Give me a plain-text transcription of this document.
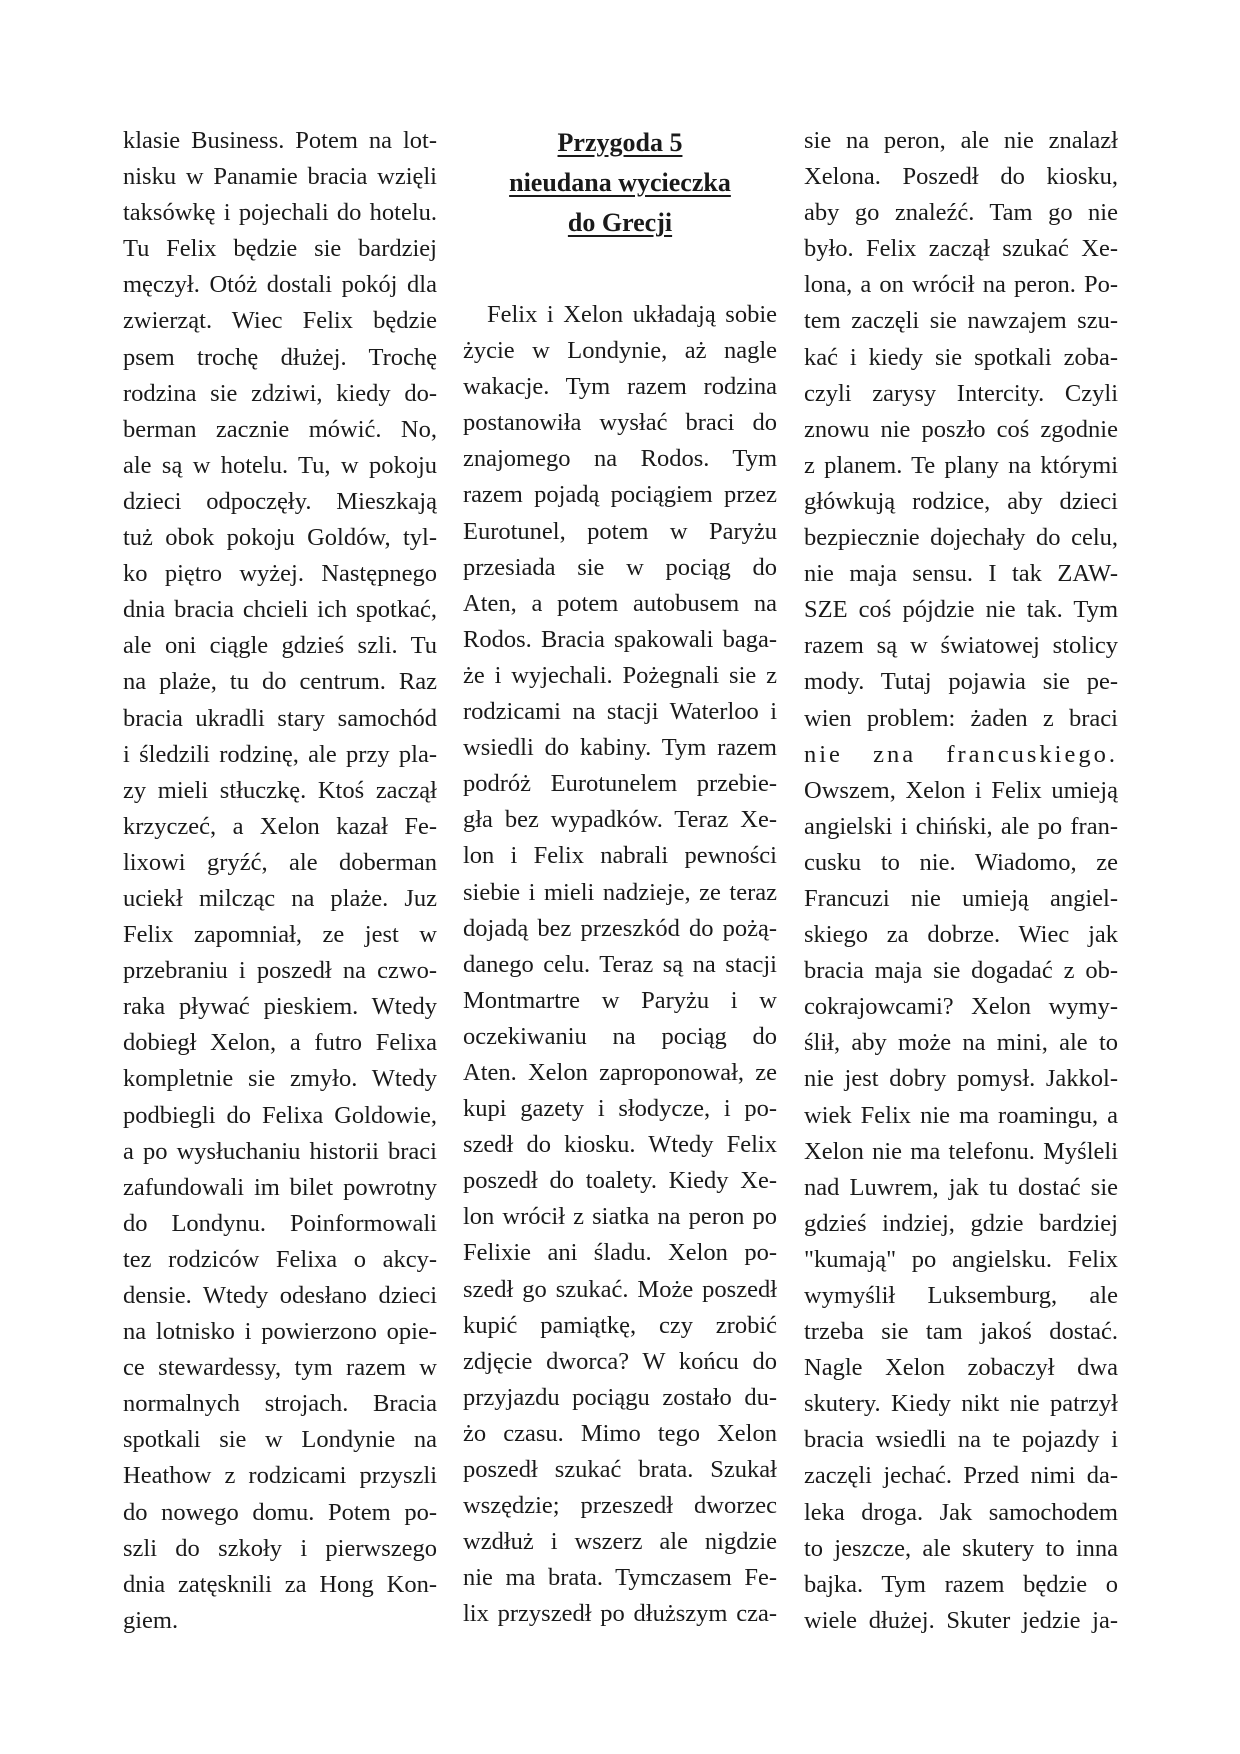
klasie Business. Potem na lot-
nisku w Panamie bracia wzięli
taksówkę i pojechali do hotelu.
Tu Felix będzie sie bardziej
męczył. Otóż dostali pokój dla
zwierząt. Wiec Felix będzie
psem trochę dłużej. Trochę
rodzina sie zdziwi, kiedy do-
berman zacznie mówić. No,
ale są w hotelu. Tu, w pokoju
dzieci odpoczęły. Mieszkają
tuż obok pokoju Goldów, tyl-
ko piętro wyżej. Następnego
dnia bracia chcieli ich spotkać,
ale oni ciągle gdzieś szli. Tu
na plaże, tu do centrum. Raz
bracia ukradli stary samochód
i śledzili rodzinę, ale przy pla-
zy mieli stłuczkę. Ktoś zaczął
krzyczeć, a Xelon kazał Fe-
lixowi gryźć, ale doberman
uciekł milcząc na plaże. Juz
Felix zapomniał, ze jest w
przebraniu i poszedł na czwo-
raka pływać pieskiem. Wtedy
dobiegł Xelon, a futro Felixa
kompletnie sie zmyło. Wtedy
podbiegli do Felixa Goldowie,
a po wysłuchaniu historii braci
zafundowali im bilet powrotny
do Londynu. Poinformowali
tez rodziców Felixa o akcy-
densie. Wtedy odesłano dzieci
na lotnisko i powierzono opie-
ce stewardessy, tym razem w
normalnych strojach. Bracia
spotkali sie w Londynie na
Heathow z rodzicami przyszli
do nowego domu. Potem po-
szli do szkoły i pierwszego
dnia zatęsknili za Hong Kon-
giem.
Przygoda 5
nieudana wycieczka
do Grecji
Felix i Xelon układają sobie
życie w Londynie, aż nagle
wakacje. Tym razem rodzina
postanowiła wysłać braci do
znajomego na Rodos. Tym
razem pojadą pociągiem przez
Eurotunel, potem w Paryżu
przesiada sie w pociąg do
Aten, a potem autobusem na
Rodos. Bracia spakowali baga-
że i wyjechali. Pożegnali sie z
rodzicami na stacji Waterloo i
wsiedli do kabiny. Tym razem
podróż Eurotunelem przebie-
gła bez wypadków. Teraz Xe-
lon i Felix nabrali pewności
siebie i mieli nadzieje, ze teraz
dojadą bez przeszkód do pożą-
danego celu. Teraz są na stacji
Montmartre w Paryżu i w
oczekiwaniu na pociąg do
Aten. Xelon zaproponował, ze
kupi gazety i słodycze, i po-
szedł do kiosku. Wtedy Felix
poszedł do toalety. Kiedy Xe-
lon wrócił z siatka na peron po
Felixie ani śladu. Xelon po-
szedł go szukać. Może poszedł
kupić pamiątkę, czy zrobić
zdjęcie dworca? W końcu do
przyjazdu pociągu zostało du-
żo czasu. Mimo tego Xelon
poszedł szukać brata. Szukał
wszędzie; przeszedł dworzec
wzdłuż i wszerz ale nigdzie
nie ma brata. Tymczasem Fe-
lix przyszedł po dłuższym cza-
sie na peron, ale nie znalazł
Xelona. Poszedł do kiosku,
aby go znaleźć. Tam go nie
było. Felix zaczął szukać Xe-
lona, a on wrócił na peron. Po-
tem zaczęli sie nawzajem szu-
kać i kiedy sie spotkali zoba-
czyli zarysy Intercity. Czyli
znowu nie poszło coś zgodnie
z planem. Te plany na którymi
główkują rodzice, aby dzieci
bezpiecznie dojechały do celu,
nie maja sensu. I tak ZAW-
SZE coś pójdzie nie tak. Tym
razem są w światowej stolicy
mody. Tutaj pojawia sie pe-
wien problem: żaden z braci
nie zna francuskiego.
Owszem, Xelon i Felix umieją
angielski i chiński, ale po fran-
cusku to nie. Wiadomo, ze
Francuzi nie umieją angiel-
skiego za dobrze. Wiec jak
bracia maja sie dogadać z ob-
cokrajowcami? Xelon wymy-
ślił, aby może na mini, ale to
nie jest dobry pomysł. Jakkol-
wiek Felix nie ma roamingu, a
Xelon nie ma telefonu. Myśleli
nad Luwrem, jak tu dostać sie
gdzieś indziej, gdzie bardziej
"kumają" po angielsku. Felix
wymyślił Luksemburg, ale
trzeba sie tam jakoś dostać.
Nagle Xelon zobaczył dwa
skutery. Kiedy nikt nie patrzył
bracia wsiedli na te pojazdy i
zaczęli jechać. Przed nimi da-
leka droga. Jak samochodem
to jeszcze, ale skutery to inna
bajka. Tym razem będzie o
wiele dłużej. Skuter jedzie ja-
